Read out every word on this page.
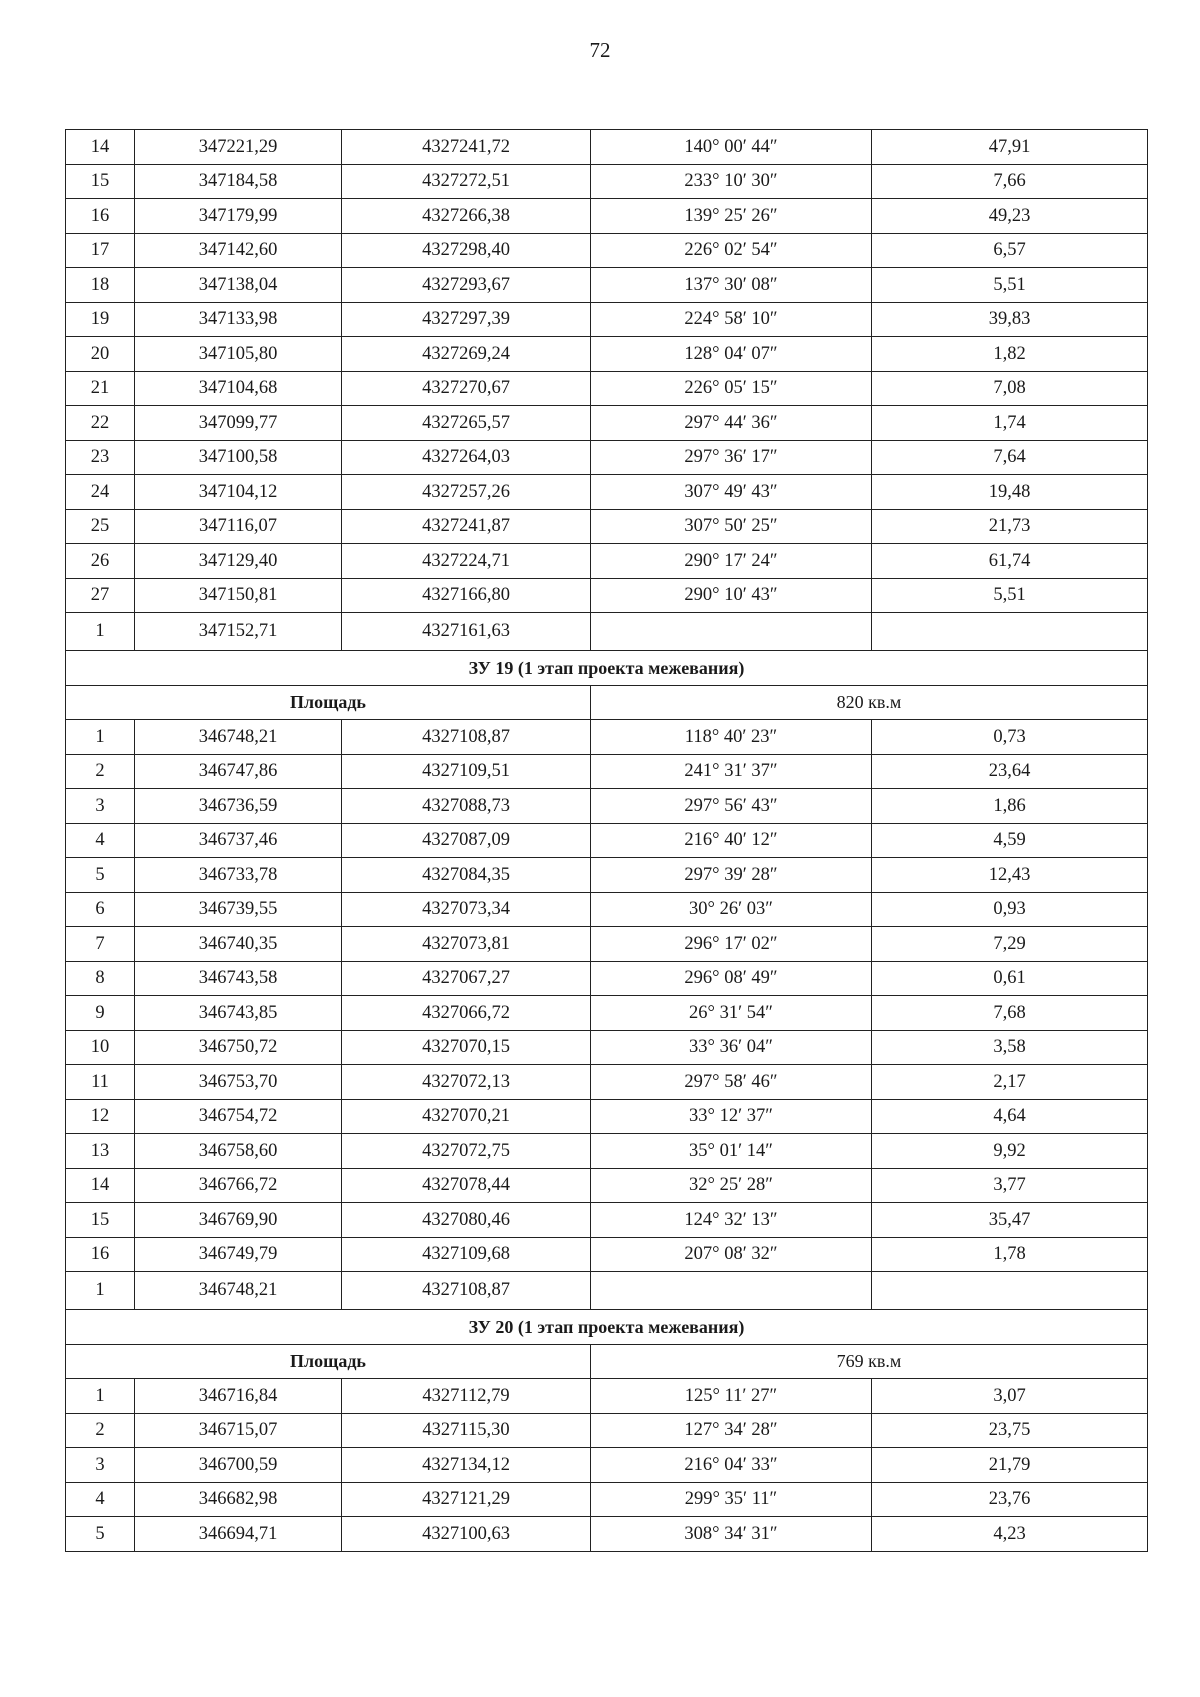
72
14	347221,29	4327241,72	140° 00′ 44″	47,91
15	347184,58	4327272,51	233° 10′ 30″	7,66
16	347179,99	4327266,38	139° 25′ 26″	49,23
17	347142,60	4327298,40	226° 02′ 54″	6,57
18	347138,04	4327293,67	137° 30′ 08″	5,51
19	347133,98	4327297,39	224° 58′ 10″	39,83
20	347105,80	4327269,24	128° 04′ 07″	1,82
21	347104,68	4327270,67	226° 05′ 15″	7,08
22	347099,77	4327265,57	297° 44′ 36″	1,74
23	347100,58	4327264,03	297° 36′ 17″	7,64
24	347104,12	4327257,26	307° 49′ 43″	19,48
25	347116,07	4327241,87	307° 50′ 25″	21,73
26	347129,40	4327224,71	290° 17′ 24″	61,74
27	347150,81	4327166,80	290° 10′ 43″	5,51
1	347152,71	4327161,63		
ЗУ 19 (1 этап проекта межевания)				
Площадь			820 кв.м	
1	346748,21	4327108,87	118° 40′ 23″	0,73
2	346747,86	4327109,51	241° 31′ 37″	23,64
3	346736,59	4327088,73	297° 56′ 43″	1,86
4	346737,46	4327087,09	216° 40′ 12″	4,59
5	346733,78	4327084,35	297° 39′ 28″	12,43
6	346739,55	4327073,34	30° 26′ 03″	0,93
7	346740,35	4327073,81	296° 17′ 02″	7,29
8	346743,58	4327067,27	296° 08′ 49″	0,61
9	346743,85	4327066,72	26° 31′ 54″	7,68
10	346750,72	4327070,15	33° 36′ 04″	3,58
11	346753,70	4327072,13	297° 58′ 46″	2,17
12	346754,72	4327070,21	33° 12′ 37″	4,64
13	346758,60	4327072,75	35° 01′ 14″	9,92
14	346766,72	4327078,44	32° 25′ 28″	3,77
15	346769,90	4327080,46	124° 32′ 13″	35,47
16	346749,79	4327109,68	207° 08′ 32″	1,78
1	346748,21	4327108,87		
ЗУ 20 (1 этап проекта межевания)				
Площадь			769 кв.м	
1	346716,84	4327112,79	125° 11′ 27″	3,07
2	346715,07	4327115,30	127° 34′ 28″	23,75
3	346700,59	4327134,12	216° 04′ 33″	21,79
4	346682,98	4327121,29	299° 35′ 11″	23,76
5	346694,71	4327100,63	308° 34′ 31″	4,23
